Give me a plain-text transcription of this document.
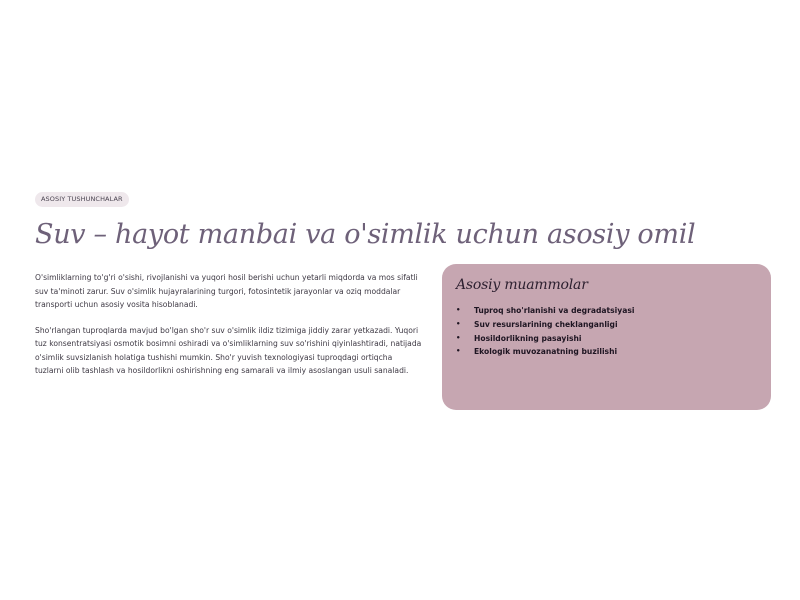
ASOSIY TUSHUNCHALAR
Suv – hayot manbai va o'simlik uchun asosiy omil

O'simliklarning to'g'ri o'sishi, rivojlanishi va yuqori hosil berishi uchun yetarli miqdorda va mos sifatli suv ta'minoti zarur. Suv o'simlik hujayralarining turgori, fotosintetik jarayonlar va oziq moddalar transporti uchun asosiy vosita hisoblanadi.

Sho'rlangan tuproqlarda mavjud bo'lgan sho'r suv o'simlik ildiz tizimiga jiddiy zarar yetkazadi. Yuqori tuz konsentratsiyasi osmotik bosimni oshiradi va o'simliklarning suv so'rishini qiyinlashtiradi, natijada o'simlik suvsizlanish holatiga tushishi mumkin. Sho'r yuvish texnologiyasi tuproqdagi ortiqcha tuzlarni olib tashlash va hosildorlikni oshirishning eng samarali va ilmiy asoslangan usuli sanaladi.

Asosiy muammolar
• Tuproq sho'rlanishi va degradatsiyasi
• Suv resurslarining cheklanganligi
• Hosildorlikning pasayishi
• Ekologik muvozanatning buzilishi
